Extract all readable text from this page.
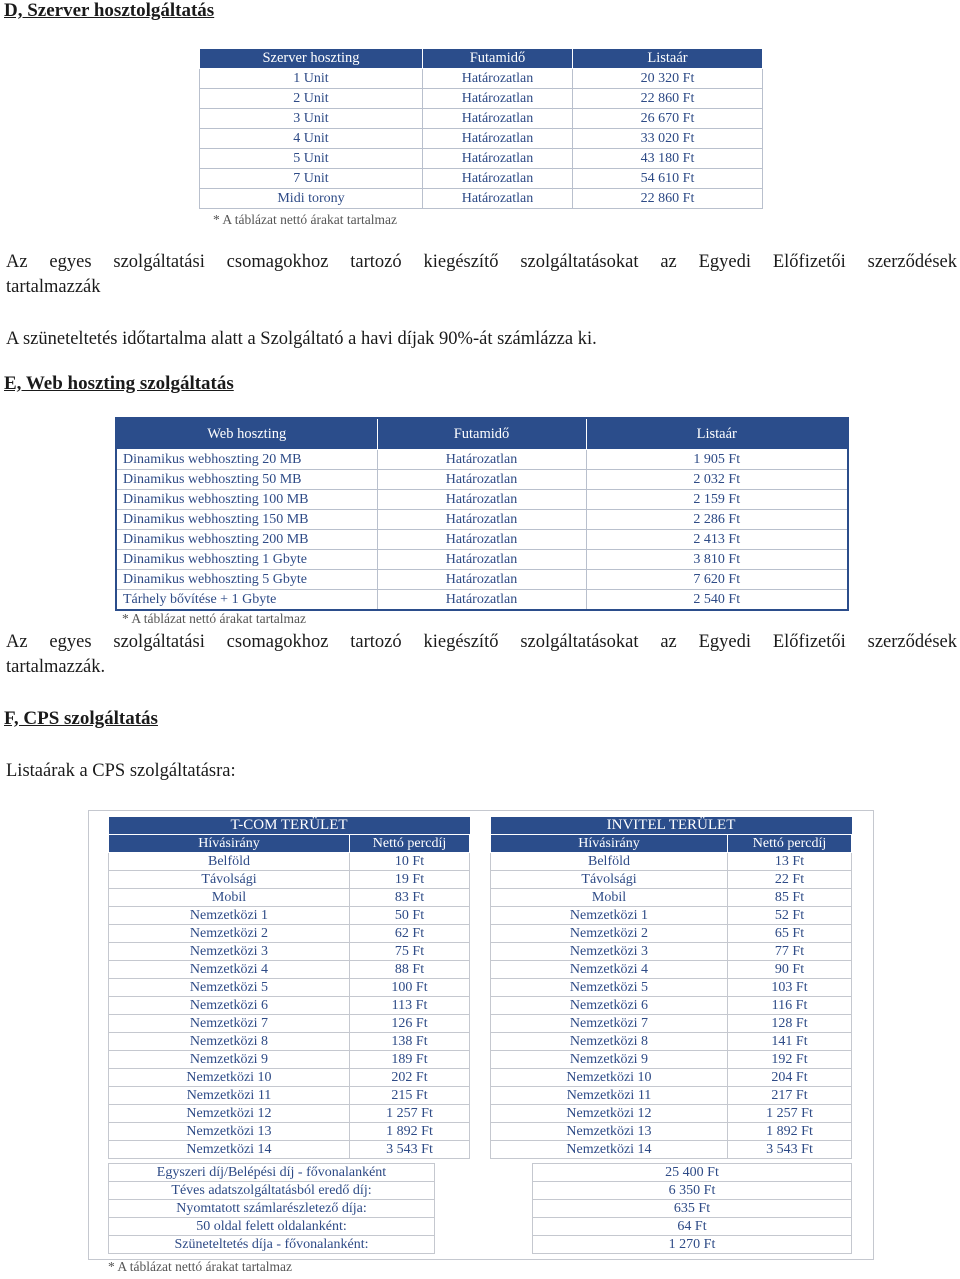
D, Szerver hosztolgáltatás
Szerver hoszting	Futamidő	Listaár
1 Unit	Határozatlan	20 320 Ft
2 Unit	Határozatlan	22 860 Ft
3 Unit	Határozatlan	26 670 Ft
4 Unit	Határozatlan	33 020 Ft
5 Unit	Határozatlan	43 180 Ft
7 Unit	Határozatlan	54 610 Ft
Midi torony	Határozatlan	22 860 Ft
* A táblázat nettó árakat tartalmaz
Az egyes szolgáltatási csomagokhoz tartozó kiegészítő szolgáltatásokat az Egyedi Előfizetői szerződések
tartalmazzák
A szüneteltetés időtartalma alatt a Szolgáltató a havi díjak 90%-át számlázza ki.
E, Web hoszting szolgáltatás
Web hoszting	Futamidő	Listaár
Dinamikus webhoszting 20 MB	Határozatlan	1 905 Ft
Dinamikus webhoszting 50 MB	Határozatlan	2 032 Ft
Dinamikus webhoszting 100 MB	Határozatlan	2 159 Ft
Dinamikus webhoszting 150 MB	Határozatlan	2 286 Ft
Dinamikus webhoszting 200 MB	Határozatlan	2 413 Ft
Dinamikus webhoszting 1 Gbyte	Határozatlan	3 810 Ft
Dinamikus webhoszting 5 Gbyte	Határozatlan	7 620 Ft
Tárhely bővítése + 1 Gbyte	Határozatlan	2 540 Ft
* A táblázat nettó árakat tartalmaz
Az egyes szolgáltatási csomagokhoz tartozó kiegészítő szolgáltatásokat az Egyedi Előfizetői szerződések
tartalmazzák.
F, CPS szolgáltatás
Listaárak a CPS szolgáltatásra:
T-COM TERÜLET	
Hívásirány	Nettó percdíj
Belföld	10 Ft
Távolsági	19 Ft
Mobil	83 Ft
Nemzetközi 1	50 Ft
Nemzetközi 2	62 Ft
Nemzetközi 3	75 Ft
Nemzetközi 4	88 Ft
Nemzetközi 5	100 Ft
Nemzetközi 6	113 Ft
Nemzetközi 7	126 Ft
Nemzetközi 8	138 Ft
Nemzetközi 9	189 Ft
Nemzetközi 10	202 Ft
Nemzetközi 11	215 Ft
Nemzetközi 12	1 257 Ft
Nemzetközi 13	1 892 Ft
Nemzetközi 14	3 543 Ft
INVITEL TERÜLET	
Hívásirány	Nettó percdíj
Belföld	13 Ft
Távolsági	22 Ft
Mobil	85 Ft
Nemzetközi 1	52 Ft
Nemzetközi 2	65 Ft
Nemzetközi 3	77 Ft
Nemzetközi 4	90 Ft
Nemzetközi 5	103 Ft
Nemzetközi 6	116 Ft
Nemzetközi 7	128 Ft
Nemzetközi 8	141 Ft
Nemzetközi 9	192 Ft
Nemzetközi 10	204 Ft
Nemzetközi 11	217 Ft
Nemzetközi 12	1 257 Ft
Nemzetközi 13	1 892 Ft
Nemzetközi 14	3 543 Ft
Egyszeri díj/Belépési díj - fővonalanként		25 400 Ft
Téves adatszolgáltatásból eredő díj:		6 350 Ft
Nyomtatott számlarészletező díja:		635 Ft
50 oldal felett oldalanként:		64 Ft
Szüneteltetés díja - fővonalanként:		1 270 Ft
* A táblázat nettó árakat tartalmaz
